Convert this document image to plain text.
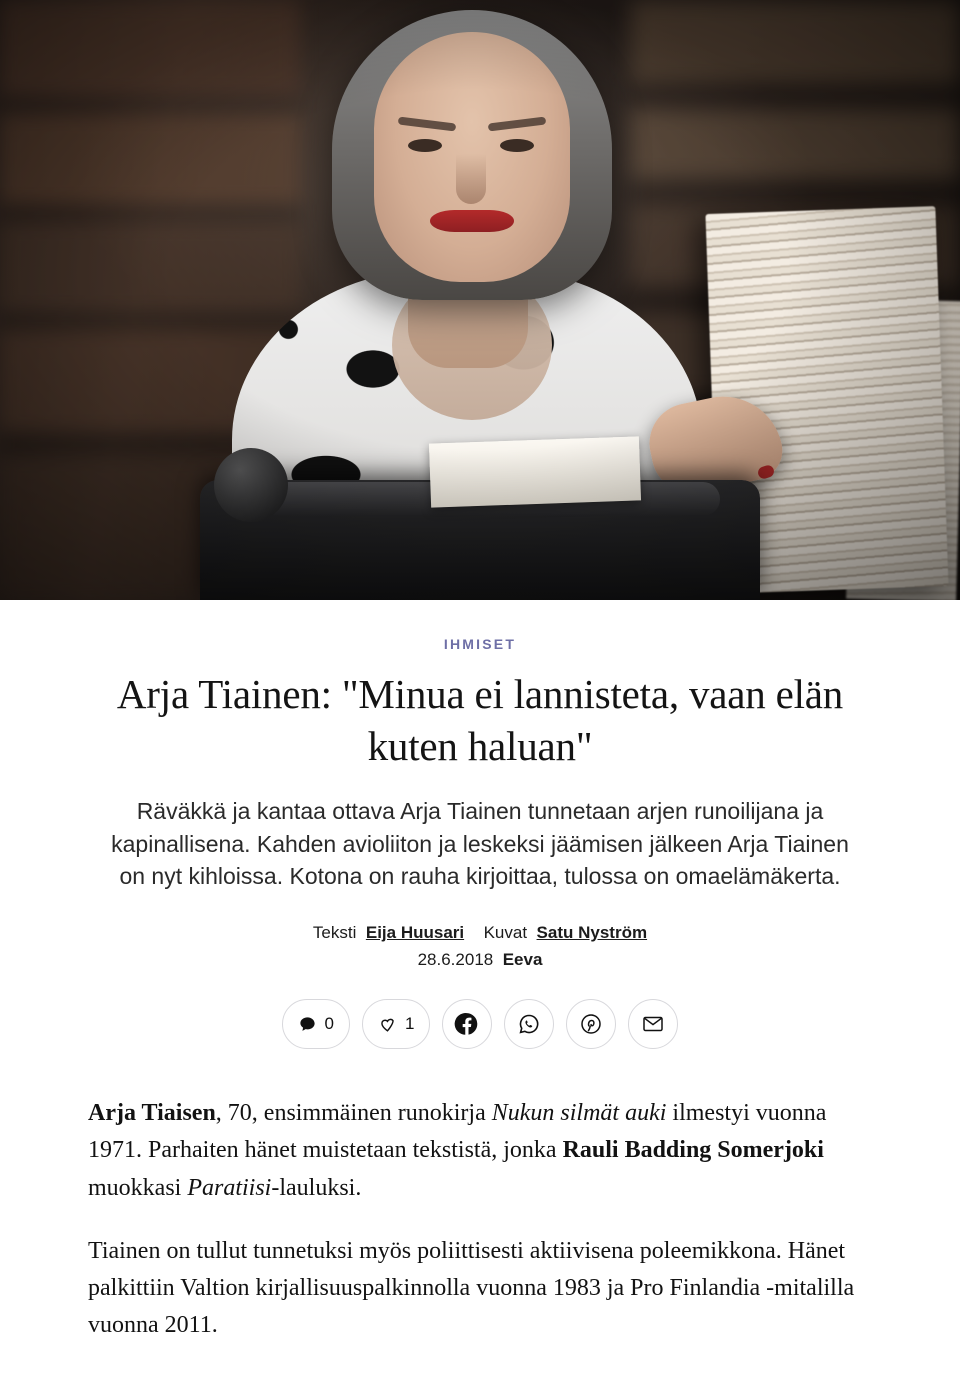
IHMISET
Arja Tiainen: "Minua ei lannisteta, vaan elän kuten haluan"

Räväkkä ja kantaa ottava Arja Tiainen tunnetaan arjen runoilijana ja kapinallisena. Kahden avioliiton ja leskeksi jäämisen jälkeen Arja Tiainen on nyt kihloissa. Kotona on rauha kirjoittaa, tulossa on omaelämäkerta.

Teksti Eija Huusari Kuvat Satu Nyström
28.6.2018 Eeva
0	1

Arja Tiaisen, 70, ensimmäinen runokirja Nukun silmät auki ilmestyi vuonna 1971. Parhaiten hänet muistetaan tekstistä, jonka Rauli Badding Somerjoki muokkasi Paratiisi-lauluksi.

Tiainen on tullut tunnetuksi myös poliittisesti aktiivisena poleemikkona. Hänet palkittiin Valtion kirjallisuuspalkinnolla vuonna 1983 ja Pro Finlandia -mitalilla vuonna 2011.
